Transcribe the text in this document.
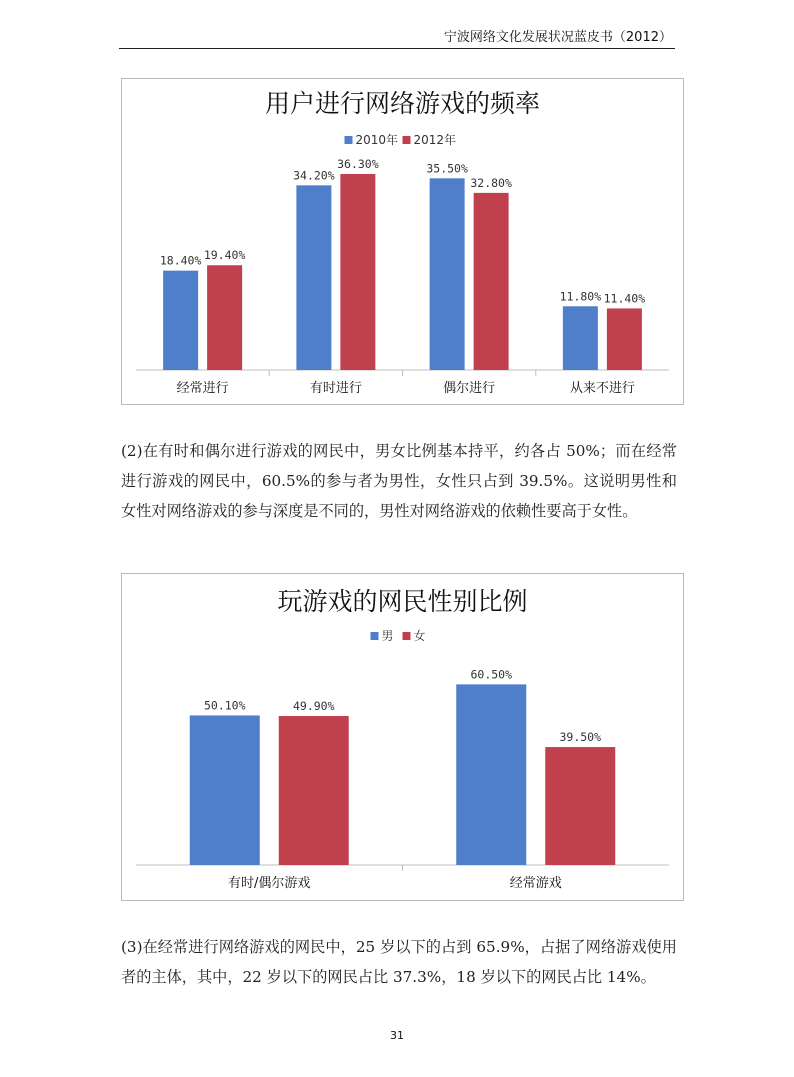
宁波网络文化发展状况蓝皮书（2012）
用户进行网络游戏的频率
2010年 2012年
18.40% 19.40%
经常进行
34.20%
36.30%
有时进行
35.50%
32.80%
偶尔进行
11.80% 11.40%
从来不进行

(2)在有时和偶尔进行游戏的网民中，男女比例基本持平，约各占 50%；而在经常进行游戏的网民中，60.5%的参与者为男性，女性只占到 39.5%。这说明男性和女性对网络游戏的参与深度是不同的，男性对网络游戏的依赖性要高于女性。

玩游戏的网民性别比例
男 女
50.10%	49.90%
有时/偶尔游戏
60.50%
39.50%
经常游戏

(3)在经常进行网络游戏的网民中，25 岁以下的占到 65.9%，占据了网络游戏使用者的主体，其中，22 岁以下的网民占比 37.3%，18 岁以下的网民占比 14%。

31
